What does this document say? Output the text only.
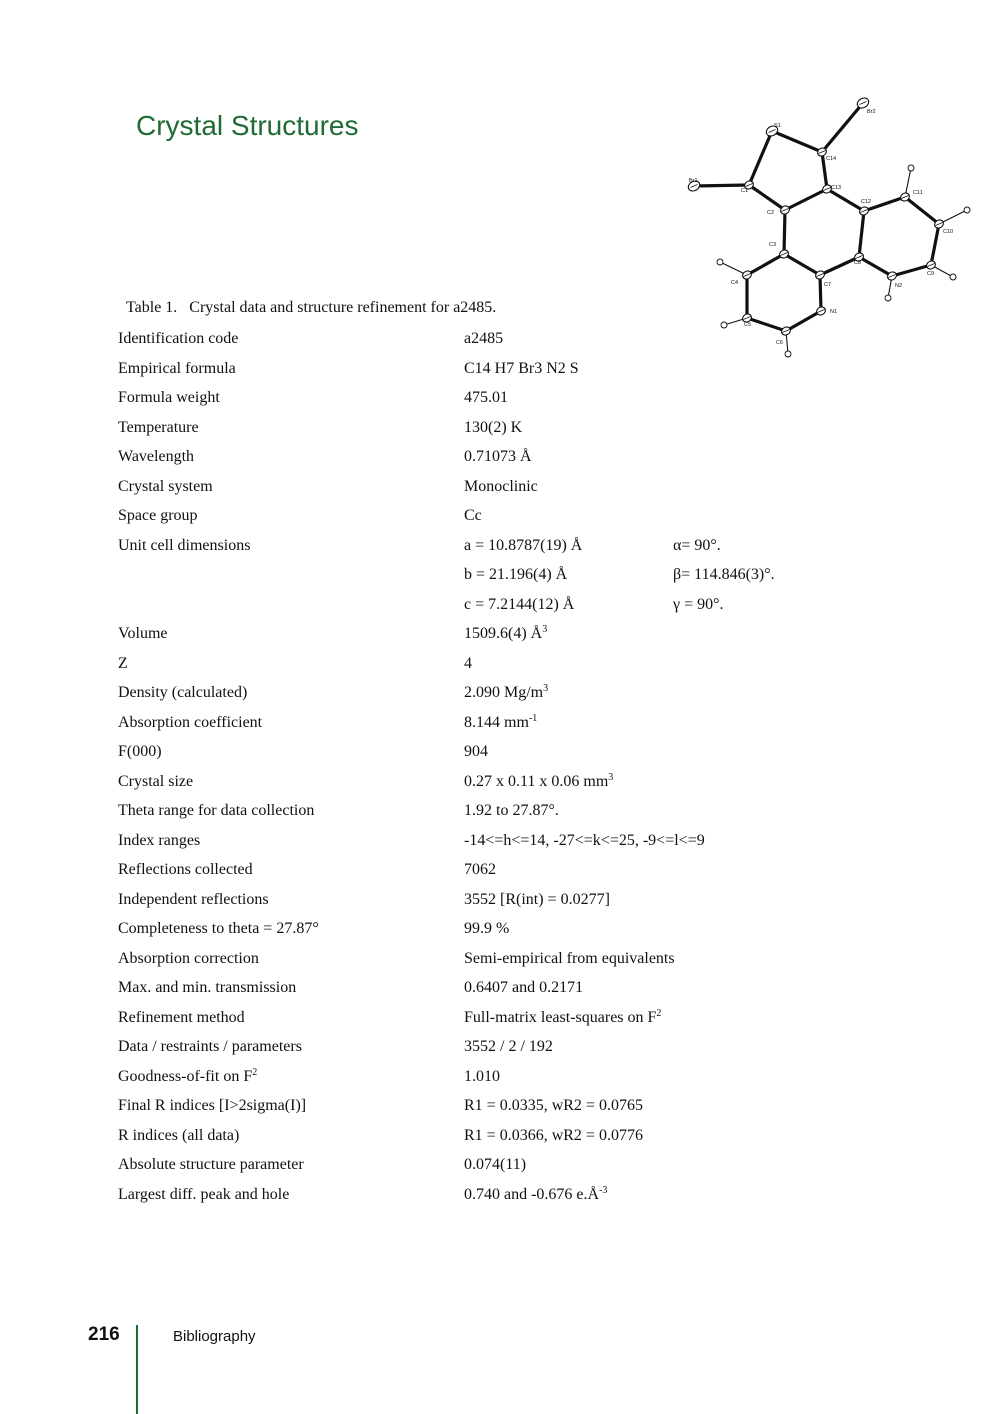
Crystal Structures	Br2
S1
C14
Br1
C1	C13
C2
C12
C11
C10
C3
C8
C9
C4	C7	N2
N1
C5
C6
Table 1.   Crystal data and structure refinement for a2485.
Identification code	a2485
Empirical formula	C14 H7 Br3 N2 S
Formula weight	475.01
Temperature	130(2) K
Wavelength	0.71073 Å
Crystal system	Monoclinic
Space group	Cc
Unit cell dimensions	a = 10.8787(19) Å	α= 90°.
b = 21.196(4) Å	β= 114.846(3)°.
c = 7.2144(12) Å	γ = 90°.
Volume	1509.6(4) $Å^3$
Z	4
Density (calculated)	2.090 $Mg/m^3$
Absorption coefficient	8.144 $mm^{-1}$
F(000)	904
Crystal size	0.27 x 0.11 x 0.06 $mm^3$
Theta range for data collection	1.92 to 27.87°.
Index ranges	-14<=h<=14, -27<=k<=25, -9<=l<=9
Reflections collected	7062
Independent reflections	3552 [R(int) = 0.0277]
Completeness to theta = 27.87°	99.9 %
Absorption correction	Semi-empirical from equivalents
Max. and min. transmission	0.6407 and 0.2171
Refinement method	Full-matrix least-squares on $F^2$
Data / restraints / parameters	3552 / 2 / 192
Goodness-of-fit on $F^2$	1.010
Final R indices [I>2sigma(I)]	R1 = 0.0335, wR2 = 0.0765
R indices (all data)	R1 = 0.0366, wR2 = 0.0776
Absolute structure parameter	0.074(11)
Largest diff. peak and hole	0.740 and -0.676 $e.Å^{-3}$
216	Bibliography
